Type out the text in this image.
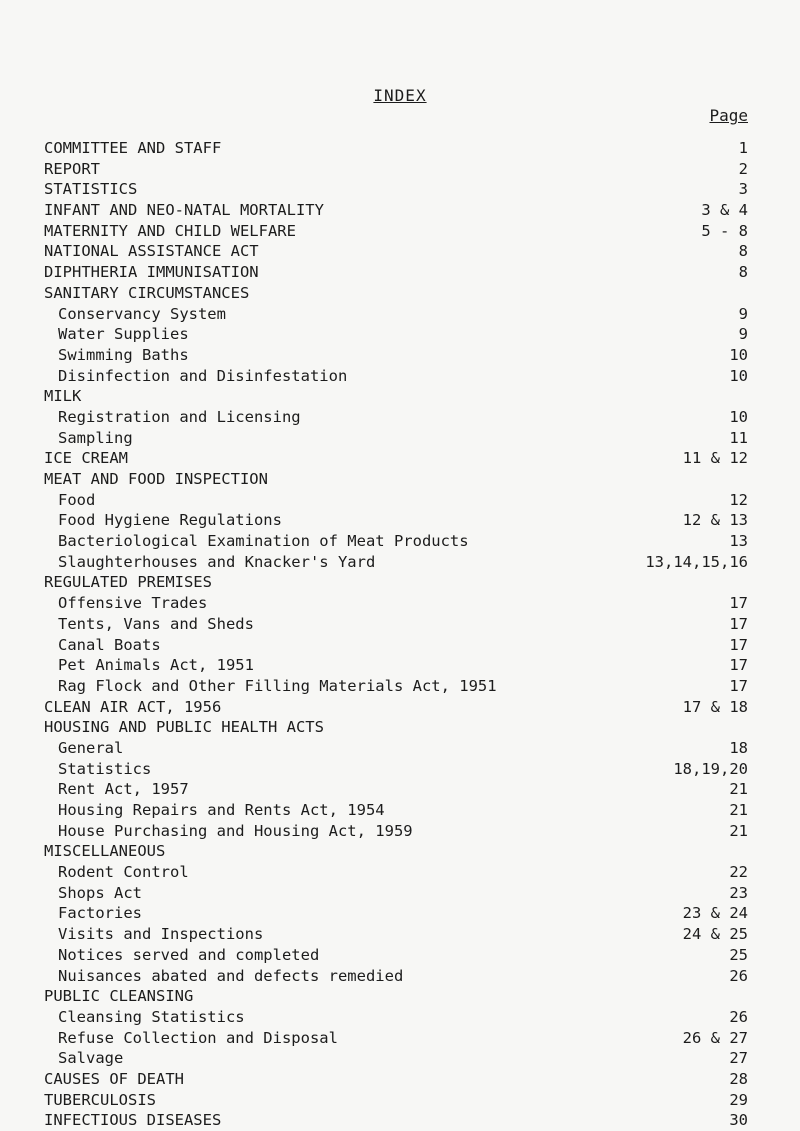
INDEX
Page
COMMITTEE AND STAFF	1
REPORT	2
STATISTICS	3
INFANT AND NEO-NATAL MORTALITY	3 & 4
MATERNITY AND CHILD WELFARE	5 - 8
NATIONAL ASSISTANCE ACT	8
DIPHTHERIA IMMUNISATION	8
SANITARY CIRCUMSTANCES
Conservancy System	9
Water Supplies	9
Swimming Baths	10
Disinfection and Disinfestation	10
MILK
Registration and Licensing	10
Sampling	11
ICE CREAM	11 & 12
MEAT AND FOOD INSPECTION
Food	12
Food Hygiene Regulations	12 & 13
Bacteriological Examination of Meat Products	13
Slaughterhouses and Knacker's Yard	13,14,15,16
REGULATED PREMISES
Offensive Trades	17
Tents, Vans and Sheds	17
Canal Boats	17
Pet Animals Act, 1951	17
Rag Flock and Other Filling Materials Act, 1951	17
CLEAN AIR ACT, 1956	17 & 18
HOUSING AND PUBLIC HEALTH ACTS
General	18
Statistics	18,19,20
Rent Act, 1957	21
Housing Repairs and Rents Act, 1954	21
House Purchasing and Housing Act, 1959	21
MISCELLANEOUS
Rodent Control	22
Shops Act	23
Factories	23 & 24
Visits and Inspections	24 & 25
Notices served and completed	25
Nuisances abated and defects remedied	26
PUBLIC CLEANSING
Cleansing Statistics	26
Refuse Collection and Disposal	26 & 27
Salvage	27
CAUSES OF DEATH	28
TUBERCULOSIS	29
INFECTIOUS DISEASES	30
